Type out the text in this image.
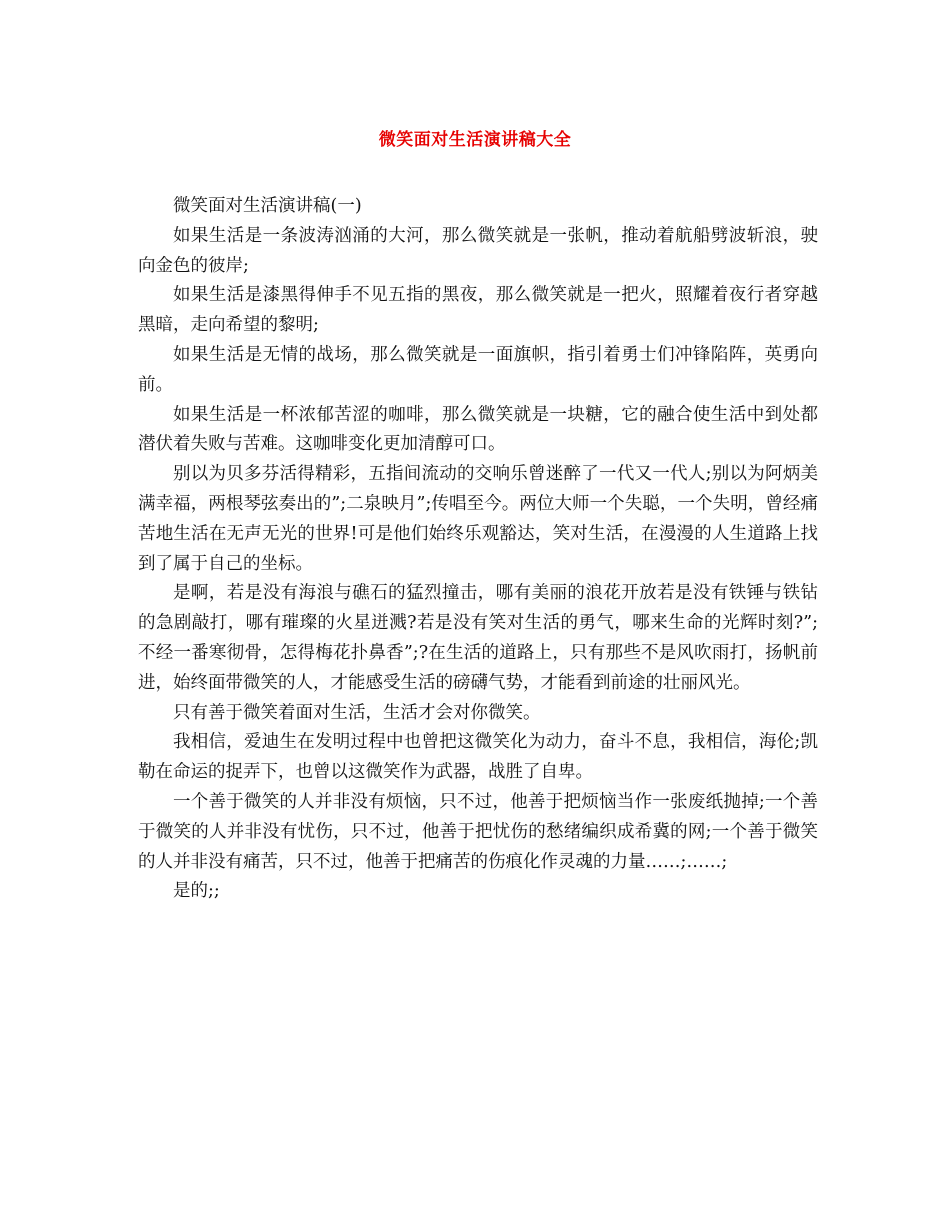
微笑面对生活演讲稿大全

微笑面对生活演讲稿(一)

如果生活是一条波涛汹涌的大河，那么微笑就是一张帆，推动着航船劈波斩浪，驶向金色的彼岸;

如果生活是漆黑得伸手不见五指的黑夜，那么微笑就是一把火，照耀着夜行者穿越黑暗，走向希望的黎明;

如果生活是无情的战场，那么微笑就是一面旗帜，指引着勇士们冲锋陷阵，英勇向前。

如果生活是一杯浓郁苦涩的咖啡，那么微笑就是一块糖，它的融合使生活中到处都潜伏着失败与苦难。这咖啡变化更加清醇可口。

别以为贝多芬活得精彩，五指间流动的交响乐曾迷醉了一代又一代人;别以为阿炳美满幸福，两根琴弦奏出的”;二泉映月”;传唱至今。两位大师一个失聪，一个失明，曾经痛苦地生活在无声无光的世界!可是他们始终乐观豁达，笑对生活，在漫漫的人生道路上找到了属于自己的坐标。

是啊，若是没有海浪与礁石的猛烈撞击，哪有美丽的浪花开放若是没有铁锤与铁钻的急剧敲打，哪有璀璨的火星迸溅?若是没有笑对生活的勇气，哪来生命的光辉时刻?”;不经一番寒彻骨，怎得梅花扑鼻香”;?在生活的道路上，只有那些不是风吹雨打，扬帆前进，始终面带微笑的人，才能感受生活的磅礴气势，才能看到前途的壮丽风光。

只有善于微笑着面对生活，生活才会对你微笑。

我相信，爱迪生在发明过程中也曾把这微笑化为动力，奋斗不息，我相信，海伦;凯勒在命运的捉弄下，也曾以这微笑作为武器，战胜了自卑。

一个善于微笑的人并非没有烦恼，只不过，他善于把烦恼当作一张废纸抛掉;一个善于微笑的人并非没有忧伤，只不过，他善于把忧伤的愁绪编织成希冀的网;一个善于微笑的人并非没有痛苦，只不过，他善于把痛苦的伤痕化作灵魂的力量……;……;

是的;;
